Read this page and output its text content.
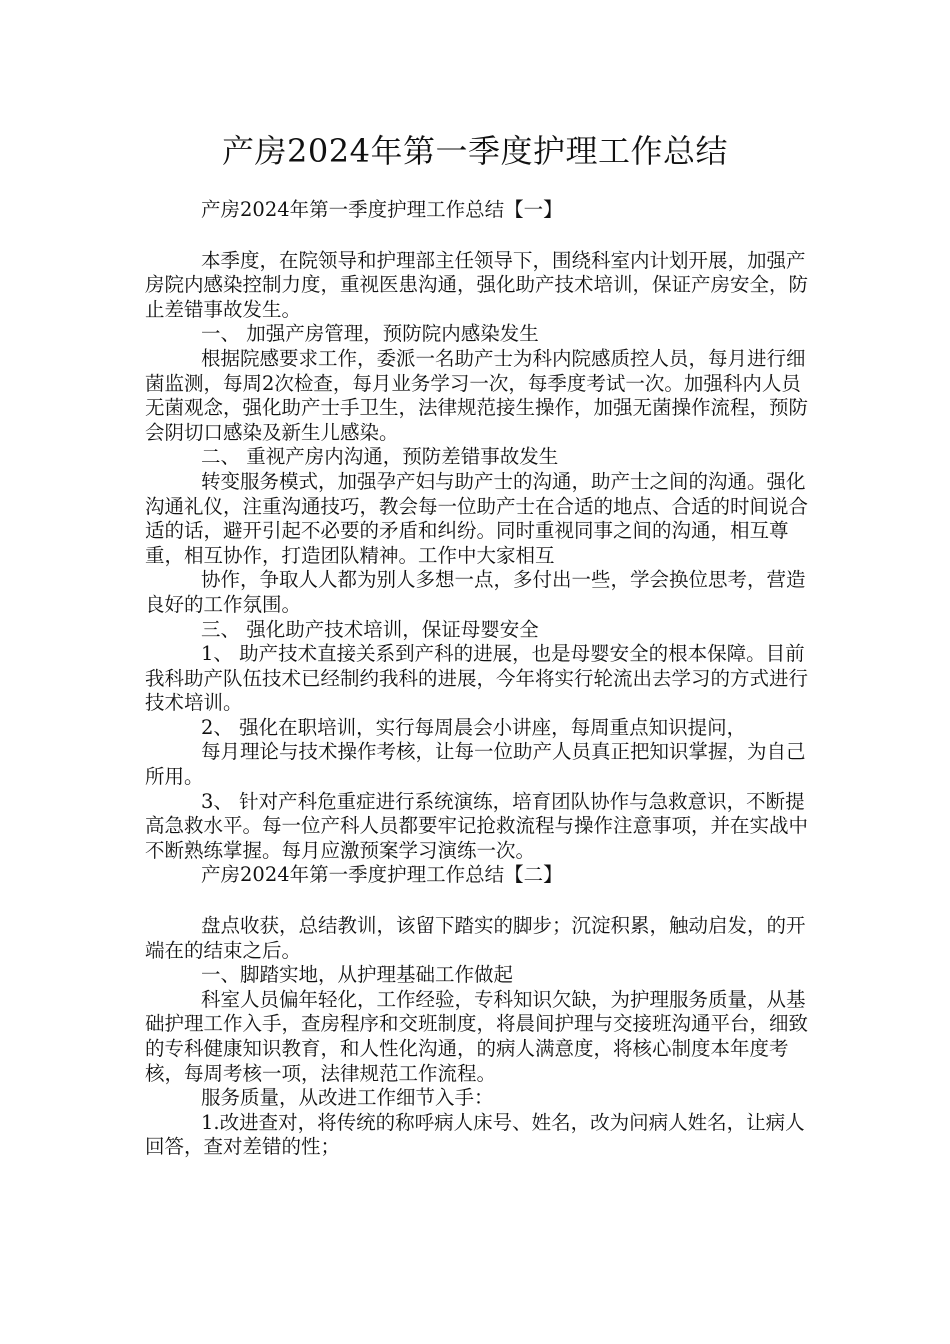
产房2024年第一季度护理工作总结

产房2024年第一季度护理工作总结【一】

本季度，在院领导和护理部主任领导下，围绕科室内计划开展，加强产房院内感染控制力度，重视医患沟通，强化助产技术培训，保证产房安全，防止差错事故发生。

一、 加强产房管理，预防院内感染发生

根据院感要求工作，委派一名助产士为科内院感质控人员，每月进行细菌监测，每周2次检查，每月业务学习一次，每季度考试一次。加强科内人员无菌观念，强化助产士手卫生，法律规范接生操作，加强无菌操作流程，预防会阴切口感染及新生儿感染。

二、 重视产房内沟通，预防差错事故发生

转变服务模式，加强孕产妇与助产士的沟通，助产士之间的沟通。强化沟通礼仪，注重沟通技巧，教会每一位助产士在合适的地点、合适的时间说合适的话，避开引起不必要的矛盾和纠纷。同时重视同事之间的沟通，相互尊重，相互协作，打造团队精神。工作中大家相互

协作，争取人人都为别人多想一点，多付出一些，学会换位思考，营造良好的工作氛围。

三、 强化助产技术培训，保证母婴安全

1、 助产技术直接关系到产科的进展，也是母婴安全的根本保障。目前我科助产队伍技术已经制约我科的进展，今年将实行轮流出去学习的方式进行技术培训。

2、 强化在职培训，实行每周晨会小讲座，每周重点知识提问，

每月理论与技术操作考核，让每一位助产人员真正把知识掌握，为自己所用。

3、 针对产科危重症进行系统演练，培育团队协作与急救意识，不断提高急救水平。每一位产科人员都要牢记抢救流程与操作注意事项，并在实战中不断熟练掌握。每月应激预案学习演练一次。

产房2024年第一季度护理工作总结【二】

盘点收获，总结教训，该留下踏实的脚步；沉淀积累，触动启发，的开端在的结束之后。

一、脚踏实地，从护理基础工作做起

科室人员偏年轻化，工作经验，专科知识欠缺，为护理服务质量，从基础护理工作入手，查房程序和交班制度，将晨间护理与交接班沟通平台，细致的专科健康知识教育，和人性化沟通，的病人满意度，将核心制度本年度考核，每周考核一项，法律规范工作流程。

服务质量，从改进工作细节入手：

1.改进查对，将传统的称呼病人床号、姓名，改为问病人姓名，让病人回答，查对差错的性；
